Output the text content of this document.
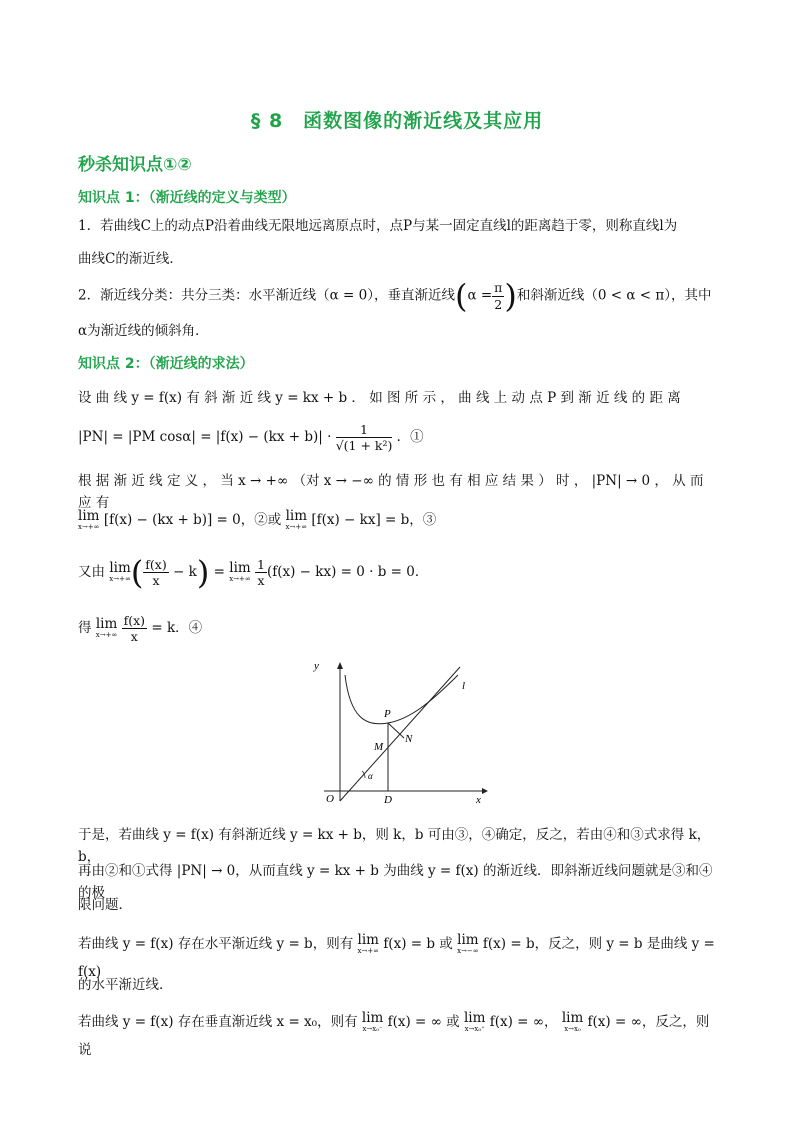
§ 8　函数图像的渐近线及其应用
秒杀知识点①②
知识点 1：（渐近线的定义与类型）
1．若曲线C上的动点P沿着曲线无限地远离原点时，点P与某一固定直线l的距离趋于零，则称直线l为
曲线C的渐近线．
2．渐近线分类：共分三类：水平渐近线（α = 0），垂直渐近线($\alpha = \frac{\pi}{2}$ )和斜渐近线（0 < α < π），其中
α为渐近线的倾斜角．
知识点 2：（渐近线的求法）
设 曲 线 y = f(x) 有 斜 渐 近 线 y = kx + b ． 如 图 所 示 ， 曲 线 上 动 点 P 到 渐 近 线 的 距 离
|PN| = |PM $\cos\alpha| = |f(x) - (kx + b)| \cdot \frac{1}{\text{√(1 + k²)}}$ ．①
根 据 渐 近 线 定 义 ， 当 x → +∞ （对 x → −∞ 的 情 形 也 有 相 应 结 果 ） 时 ， |PN| → 0 ， 从 而 应 有
lim
x→+∞ [f(x) − (kx + b)] = 0，②或 lim
x→+∞ [f(x) − kx] = b，③
又由 lim
x→+∞ ( $\frac{f(x)}{x} - k) = \lim$
x→+∞
$\frac{1}{x} (f(x) - kx) = 0 \cdot b = 0$．
得 lim
x→+∞
$\frac{f(x)}{x} = k$．④
y
x
O	D
P
M
N
l
α
于是，若曲线 y = f(x) 有斜渐近线 y = kx + b，则 k，b 可由③，④确定，反之，若由④和③式求得 k，b，
再由②和①式得 |PN| → 0，从而直线 y = kx + b 为曲线 y = f(x) 的渐近线．即斜渐近线问题就是③和④的极
限问题．
若曲线 y = f(x) 存在水平渐近线 y = b，则有 lim
x→+∞ f(x) = b 或 lim
x→−∞ f(x) = b，反之，则 y = b 是曲线 y = f(x)
的水平渐近线．
若曲线 y = f(x) 存在垂直渐近线 x = x₀，则有 lim
x→x₀⁻ f(x) = ∞ 或 lim
x→x₀⁺ f(x) = ∞， lim
x→x₀ f(x) = ∞，反之，则说
